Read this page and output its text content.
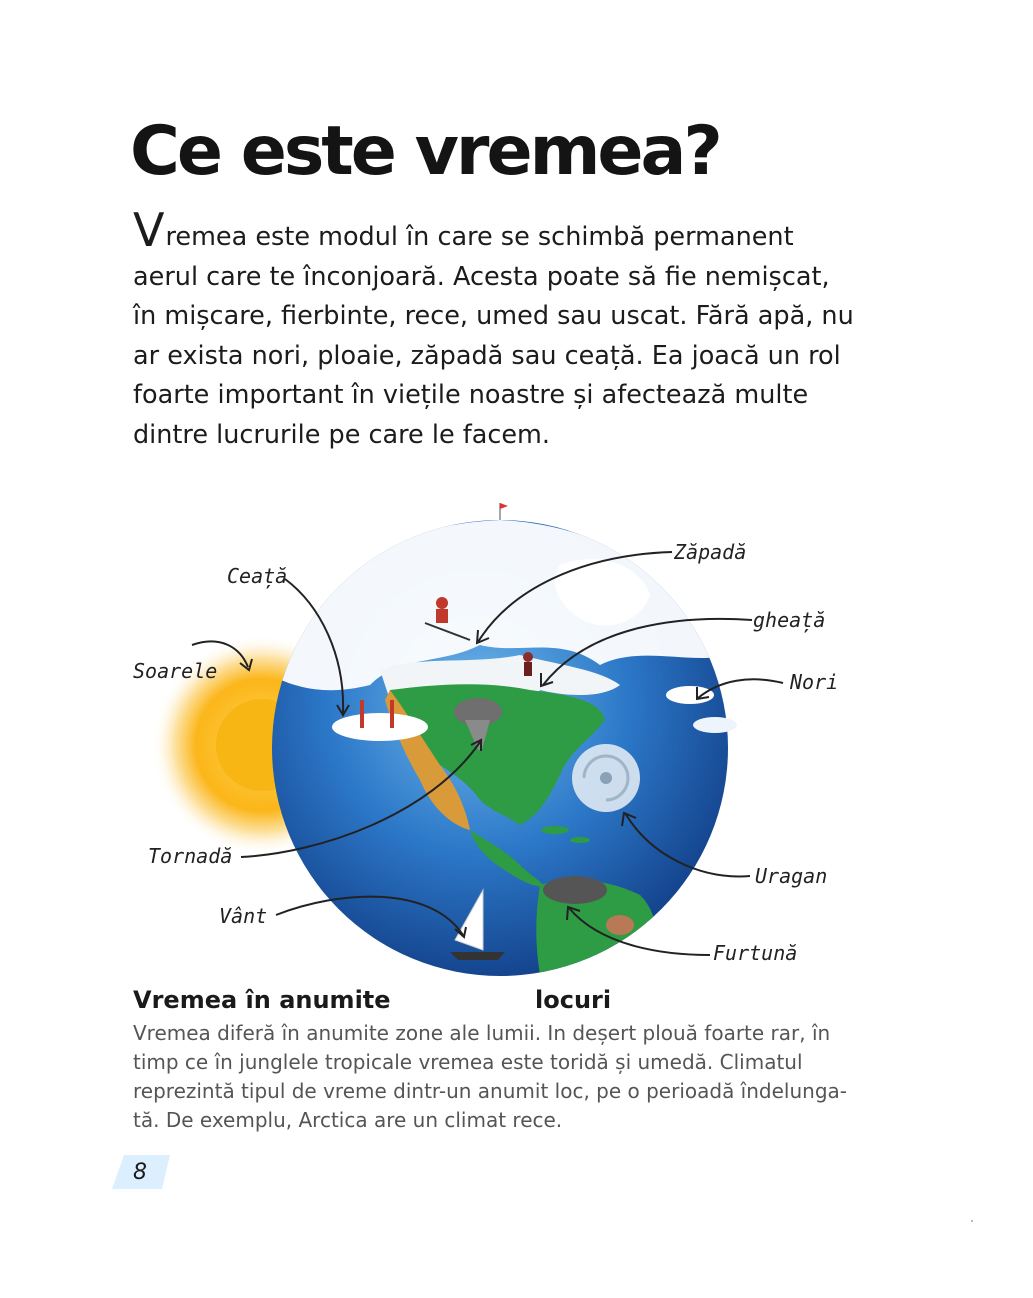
Ce este vremea?
Vremea este modul în care se schimbă permanent
aerul care te înconjoară. Acesta poate să fie nemișcat,
în mișcare, fierbinte, rece, umed sau uscat. Fără apă, nu
ar exista nori, ploaie, zăpadă sau ceață. Ea joacă un rol
foarte important în viețile noastre și afectează multe
dintre lucrurile pe care le facem.
Ceață
Soarele
Tornadă
Vânt
Zăpadă
gheață
Nori
Uragan
Furtună
Vremea în anumite	locuri

Vremea diferă în anumite zone ale lumii. In deșert plouă foarte rar, în

timp ce în junglele tropicale vremea este toridă și umedă. Climatul

reprezintă tipul de vreme dintr-un anumit loc, pe o perioadă îndelunga-

tă. De exemplu, Arctica are un climat rece.

8
